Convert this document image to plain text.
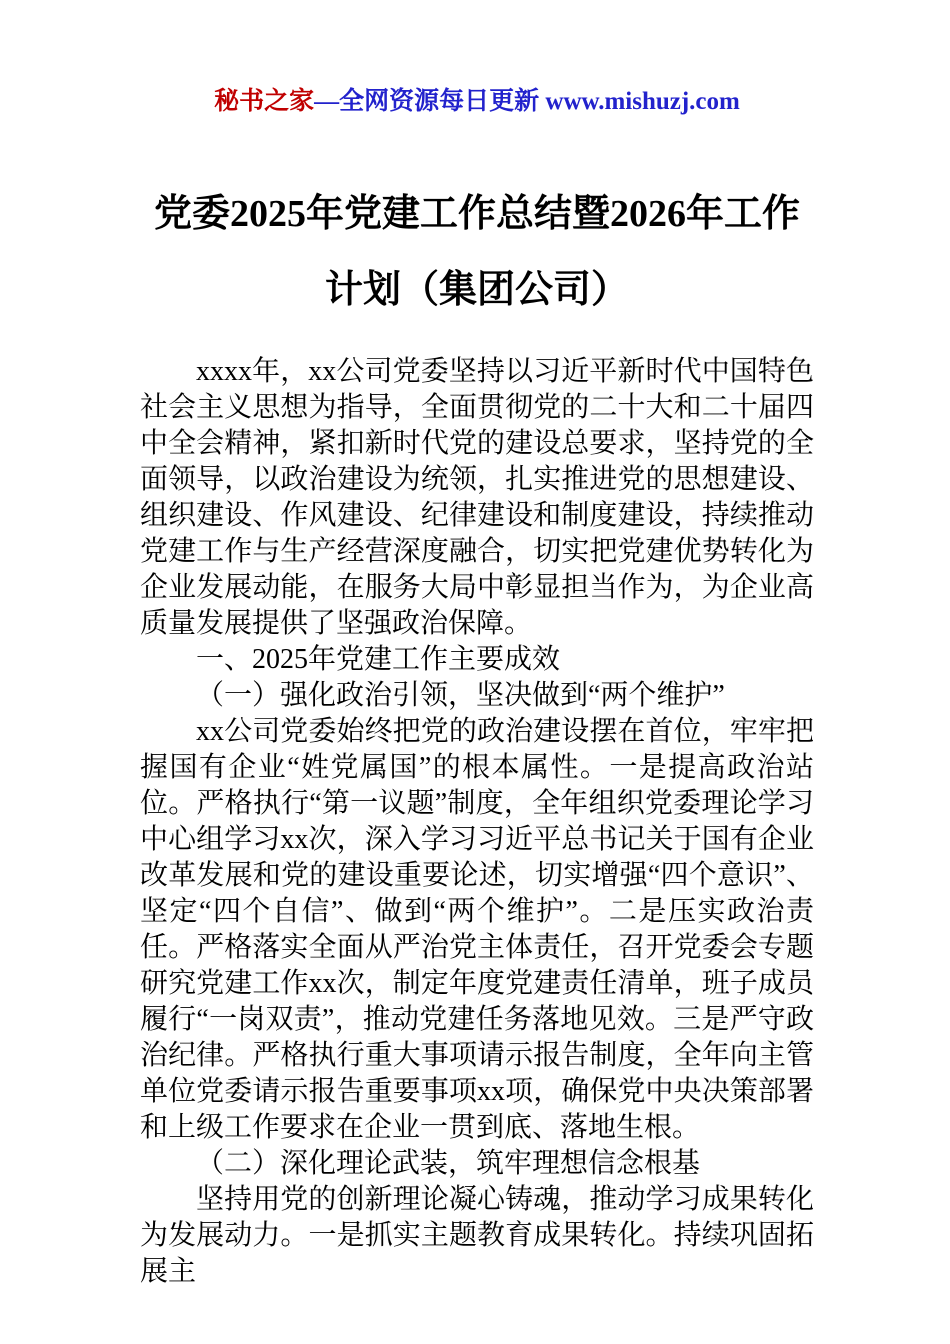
秘书之家—全网资源每日更新 www.mishuzj.com
党委2025年党建工作总结暨2026年工作计划（集团公司）

xxxx年，xx公司党委坚持以习近平新时代中国特色社会主义思想为指导，全面贯彻党的二十大和二十届四中全会精神，紧扣新时代党的建设总要求，坚持党的全面领导，以政治建设为统领，扎实推进党的思想建设、组织建设、作风建设、纪律建设和制度建设，持续推动党建工作与生产经营深度融合，切实把党建优势转化为企业发展动能，在服务大局中彰显担当作为，为企业高质量发展提供了坚强政治保障。

一、2025年党建工作主要成效

（一）强化政治引领，坚决做到“两个维护”

xx公司党委始终把党的政治建设摆在首位，牢牢把握国有企业“姓党属国”的根本属性。一是提高政治站位。严格执行“第一议题”制度，全年组织党委理论学习中心组学习xx次，深入学习习近平总书记关于国有企业改革发展和党的建设重要论述，切实增强“四个意识”、坚定“四个自信”、做到“两个维护”。二是压实政治责任。严格落实全面从严治党主体责任，召开党委会专题研究党建工作xx次，制定年度党建责任清单，班子成员履行“一岗双责”，推动党建任务落地见效。三是严守政治纪律。严格执行重大事项请示报告制度，全年向主管单位党委请示报告重要事项xx项，确保党中央决策部署和上级工作要求在企业一贯到底、落地生根。

（二）深化理论武装，筑牢理想信念根基

坚持用党的创新理论凝心铸魂，推动学习成果转化为发展动力。一是抓实主题教育成果转化。持续巩固拓展主
